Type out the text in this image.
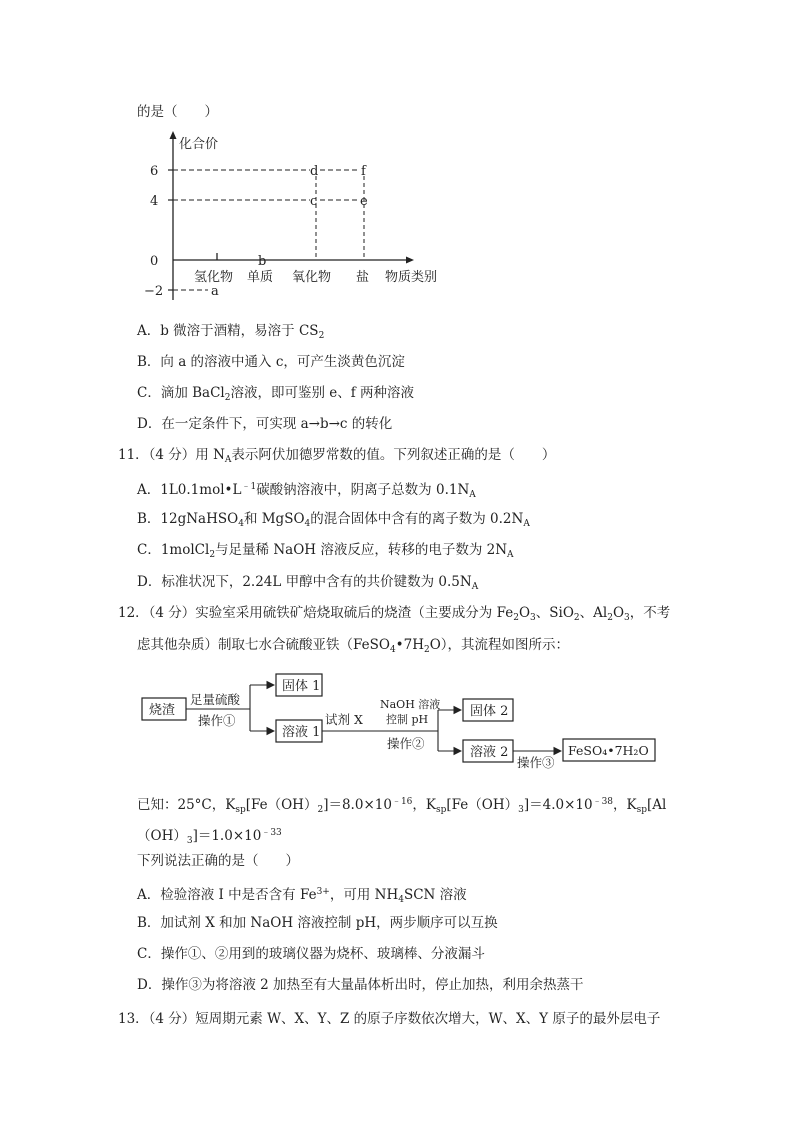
的是（　　）
化合价
6
4
0
−2	a
b
c
d
e
f
氢化物 单质 氧化物 盐 物质类别
A．b 微溶于酒精，易溶于 $CS_2$
B．向 a 的溶液中通入 c，可产生淡黄色沉淀
C．滴加 BaCl$_2$溶液，即可鉴别 e、f 两种溶液
D．在一定条件下，可实现 a→b→c 的转化
11．（4 分）用 $N_A$表示阿伏加德罗常数的值。下列叙述正确的是（　　）
A．$1L0.1mol•L^{﹣1}$碳酸钠溶液中，阴离子总数为 $0.1N_A$
B．12gNaHSO$_4$和 MgSO$_4$的混合固体中含有的离子数为 $0.2N_A$
C．1molCl$_2$与足量稀 NaOH 溶液反应，转移的电子数为 $2N_A$
D．标准状况下，2.24L 甲醇中含有的共价键数为 $0.5N_A$
12．（4 分）实验室采用硫铁矿焙烧取硫后的烧渣（主要成分为 $Fe_2O_3$、SiO$_2$、$Al_2O_3$，不考
虑其他杂质）制取七水合硫酸亚铁$(FeSO_4•7H_2O)$，其流程如图所示：
烧渣
固体 1
溶液 1
固体 2
溶液 2	FeSO₄•7H₂O
足量硫酸
操作①	试剂 X
NaOH 溶液
控制 pH
操作②
操作③
已知：25°C，$K_{sp}[Fe(OH)_2]=8.0\times 10^{﹣16}$，$K_{sp}[Fe(OH)_3]=4.0\times 10^{﹣38}$，$K_{sp}[Al$
$(OH)_3]=1.0\times 10^{﹣33}$
下列说法正确的是（　　）
A．检验溶液 I 中是否含有 $Fe^{3+}$，可用 $NH_4SCN$ 溶液
B．加试剂 X 和加 NaOH 溶液控制 pH，两步顺序可以互换
C．操作①、②用到的玻璃仪器为烧杯、玻璃棒、分液漏斗
D．操作③为将溶液 2 加热至有大量晶体析出时，停止加热，利用余热蒸干
13．（4 分）短周期元素 W、X、Y、Z 的原子序数依次增大，W、X、Y 原子的最外层电子
